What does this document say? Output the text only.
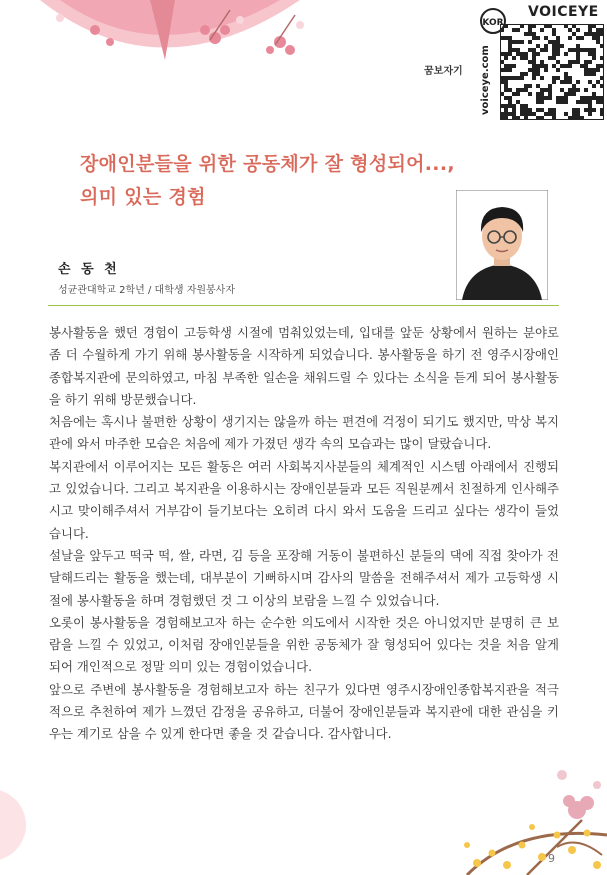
꿈보자기
KOR
VOICEYE
voiceye.com
장애인분들을 위한 공동체가 잘 형성되어...,
의미 있는 경험
손 동 천
성균관대학교 2학년 / 대학생 자원봉사자

봉사활동을 했던 경험이 고등학생 시절에 멈춰있었는데, 입대를 앞둔 상황에서 원하는 분야로 좀 더 수월하게 가기 위해 봉사활동을 시작하게 되었습니다. 봉사활동을 하기 전 영주시장애인종합복지관에 문의하였고, 마침 부족한 일손을 채워드릴 수 있다는 소식을 듣게 되어 봉사활동을 하기 위해 방문했습니다.

처음에는 혹시나 불편한 상황이 생기지는 않을까 하는 편견에 걱정이 되기도 했지만, 막상 복지관에 와서 마주한 모습은 처음에 제가 가졌던 생각 속의 모습과는 많이 달랐습니다.

복지관에서 이루어지는 모든 활동은 여러 사회복지사분들의 체계적인 시스템 아래에서 진행되고 있었습니다. 그리고 복지관을 이용하시는 장애인분들과 모든 직원분께서 친절하게 인사해주시고 맞이해주셔서 거부감이 들기보다는 오히려 다시 와서 도움을 드리고 싶다는 생각이 들었습니다.

설날을 앞두고 떡국 떡, 쌀, 라면, 김 등을 포장해 거동이 불편하신 분들의 댁에 직접 찾아가 전달해드리는 활동을 했는데, 대부분이 기뻐하시며 감사의 말씀을 전해주셔서 제가 고등학생 시절에 봉사활동을 하며 경험했던 것 그 이상의 보람을 느낄 수 있었습니다.

오롯이 봉사활동을 경험해보고자 하는 순수한 의도에서 시작한 것은 아니었지만 분명히 큰 보람을 느낄 수 있었고, 이처럼 장애인분들을 위한 공동체가 잘 형성되어 있다는 것을 처음 알게 되어 개인적으로 정말 의미 있는 경험이었습니다.

앞으로 주변에 봉사활동을 경험해보고자 하는 친구가 있다면 영주시장애인종합복지관을 적극적으로 추천하여 제가 느꼈던 감정을 공유하고, 더불어 장애인분들과 복지관에 대한 관심을 키우는 계기로 삼을 수 있게 한다면 좋을 것 같습니다. 감사합니다.

9
